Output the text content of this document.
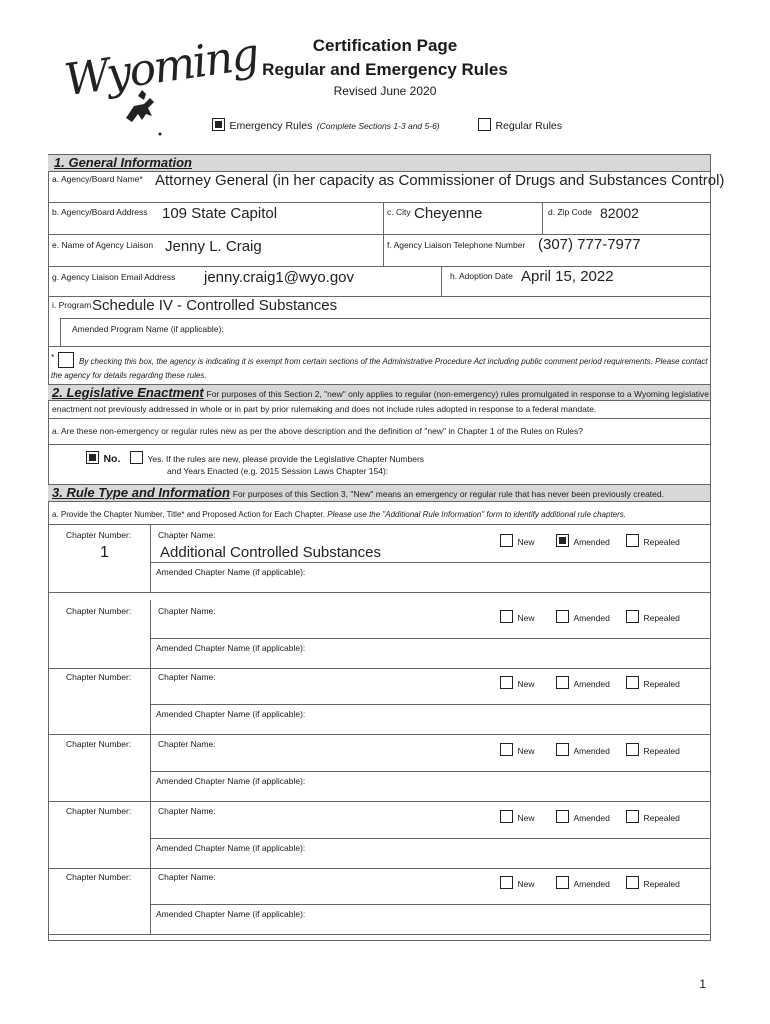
Wyoming	Certification Page
Regular and Emergency Rules
Revised June 2020
Emergency Rules (Complete Sections 1-3 and 5-6)	Regular Rules
1. General Information
a. Agency/Board Name* Attorney General (in her capacity as Commissioner of Drugs and Substances Control)
b. Agency/Board Address 109 State Capitol	c. City Cheyenne	d. Zip Code 82002
e. Name of Agency Liaison Jenny L. Craig	f. Agency Liaison Telephone Number (307) 777-7977
g. Agency Liaison Email Address jenny.craig1@wyo.gov	h. Adoption Date April 15, 2022
i. Program Schedule IV - Controlled Substances
Amended Program Name (if applicable):
*	By checking this box, the agency is indicating it is exempt from certain sections of the Administrative Procedure Act including public comment period requirements. Please contact the agency for details regarding these rules.
2. Legislative Enactment For purposes of this Section 2, "new" only applies to regular (non-emergency) rules promulgated in response to a Wyoming legislative enactment not previously addressed in whole or in part by prior rulemaking and does not include rules adopted in response to a federal mandate.
a. Are these non-emergency or regular rules new as per the above description and the definition of "new" in Chapter 1 of the Rules on Rules?
No.	Yes. If the rules are new, please provide the Legislative Chapter Numbers
and Years Enacted (e.g. 2015 Session Laws Chapter 154):
3. Rule Type and Information For purposes of this Section 3, "New" means an emergency or regular rule that has never been previously created.
a. Provide the Chapter Number, Title* and Proposed Action for Each Chapter. Please use the "Additional Rule Information" form to identify additional rule chapters.
Chapter Number:
1
Chapter Name:
Additional Controlled Substances
Amended Chapter Name (if applicable):
New	Amended	Repealed
Chapter Number:	Chapter Name:
Amended Chapter Name (if applicable):
New	Amended	Repealed
Chapter Number:	Chapter Name:
Amended Chapter Name (if applicable):
New	Amended	Repealed
Chapter Number:	Chapter Name:
Amended Chapter Name (if applicable):
New	Amended	Repealed
Chapter Number:	Chapter Name:
Amended Chapter Name (if applicable):
New	Amended	Repealed
Chapter Number:	Chapter Name:
Amended Chapter Name (if applicable):
New	Amended	Repealed
1
